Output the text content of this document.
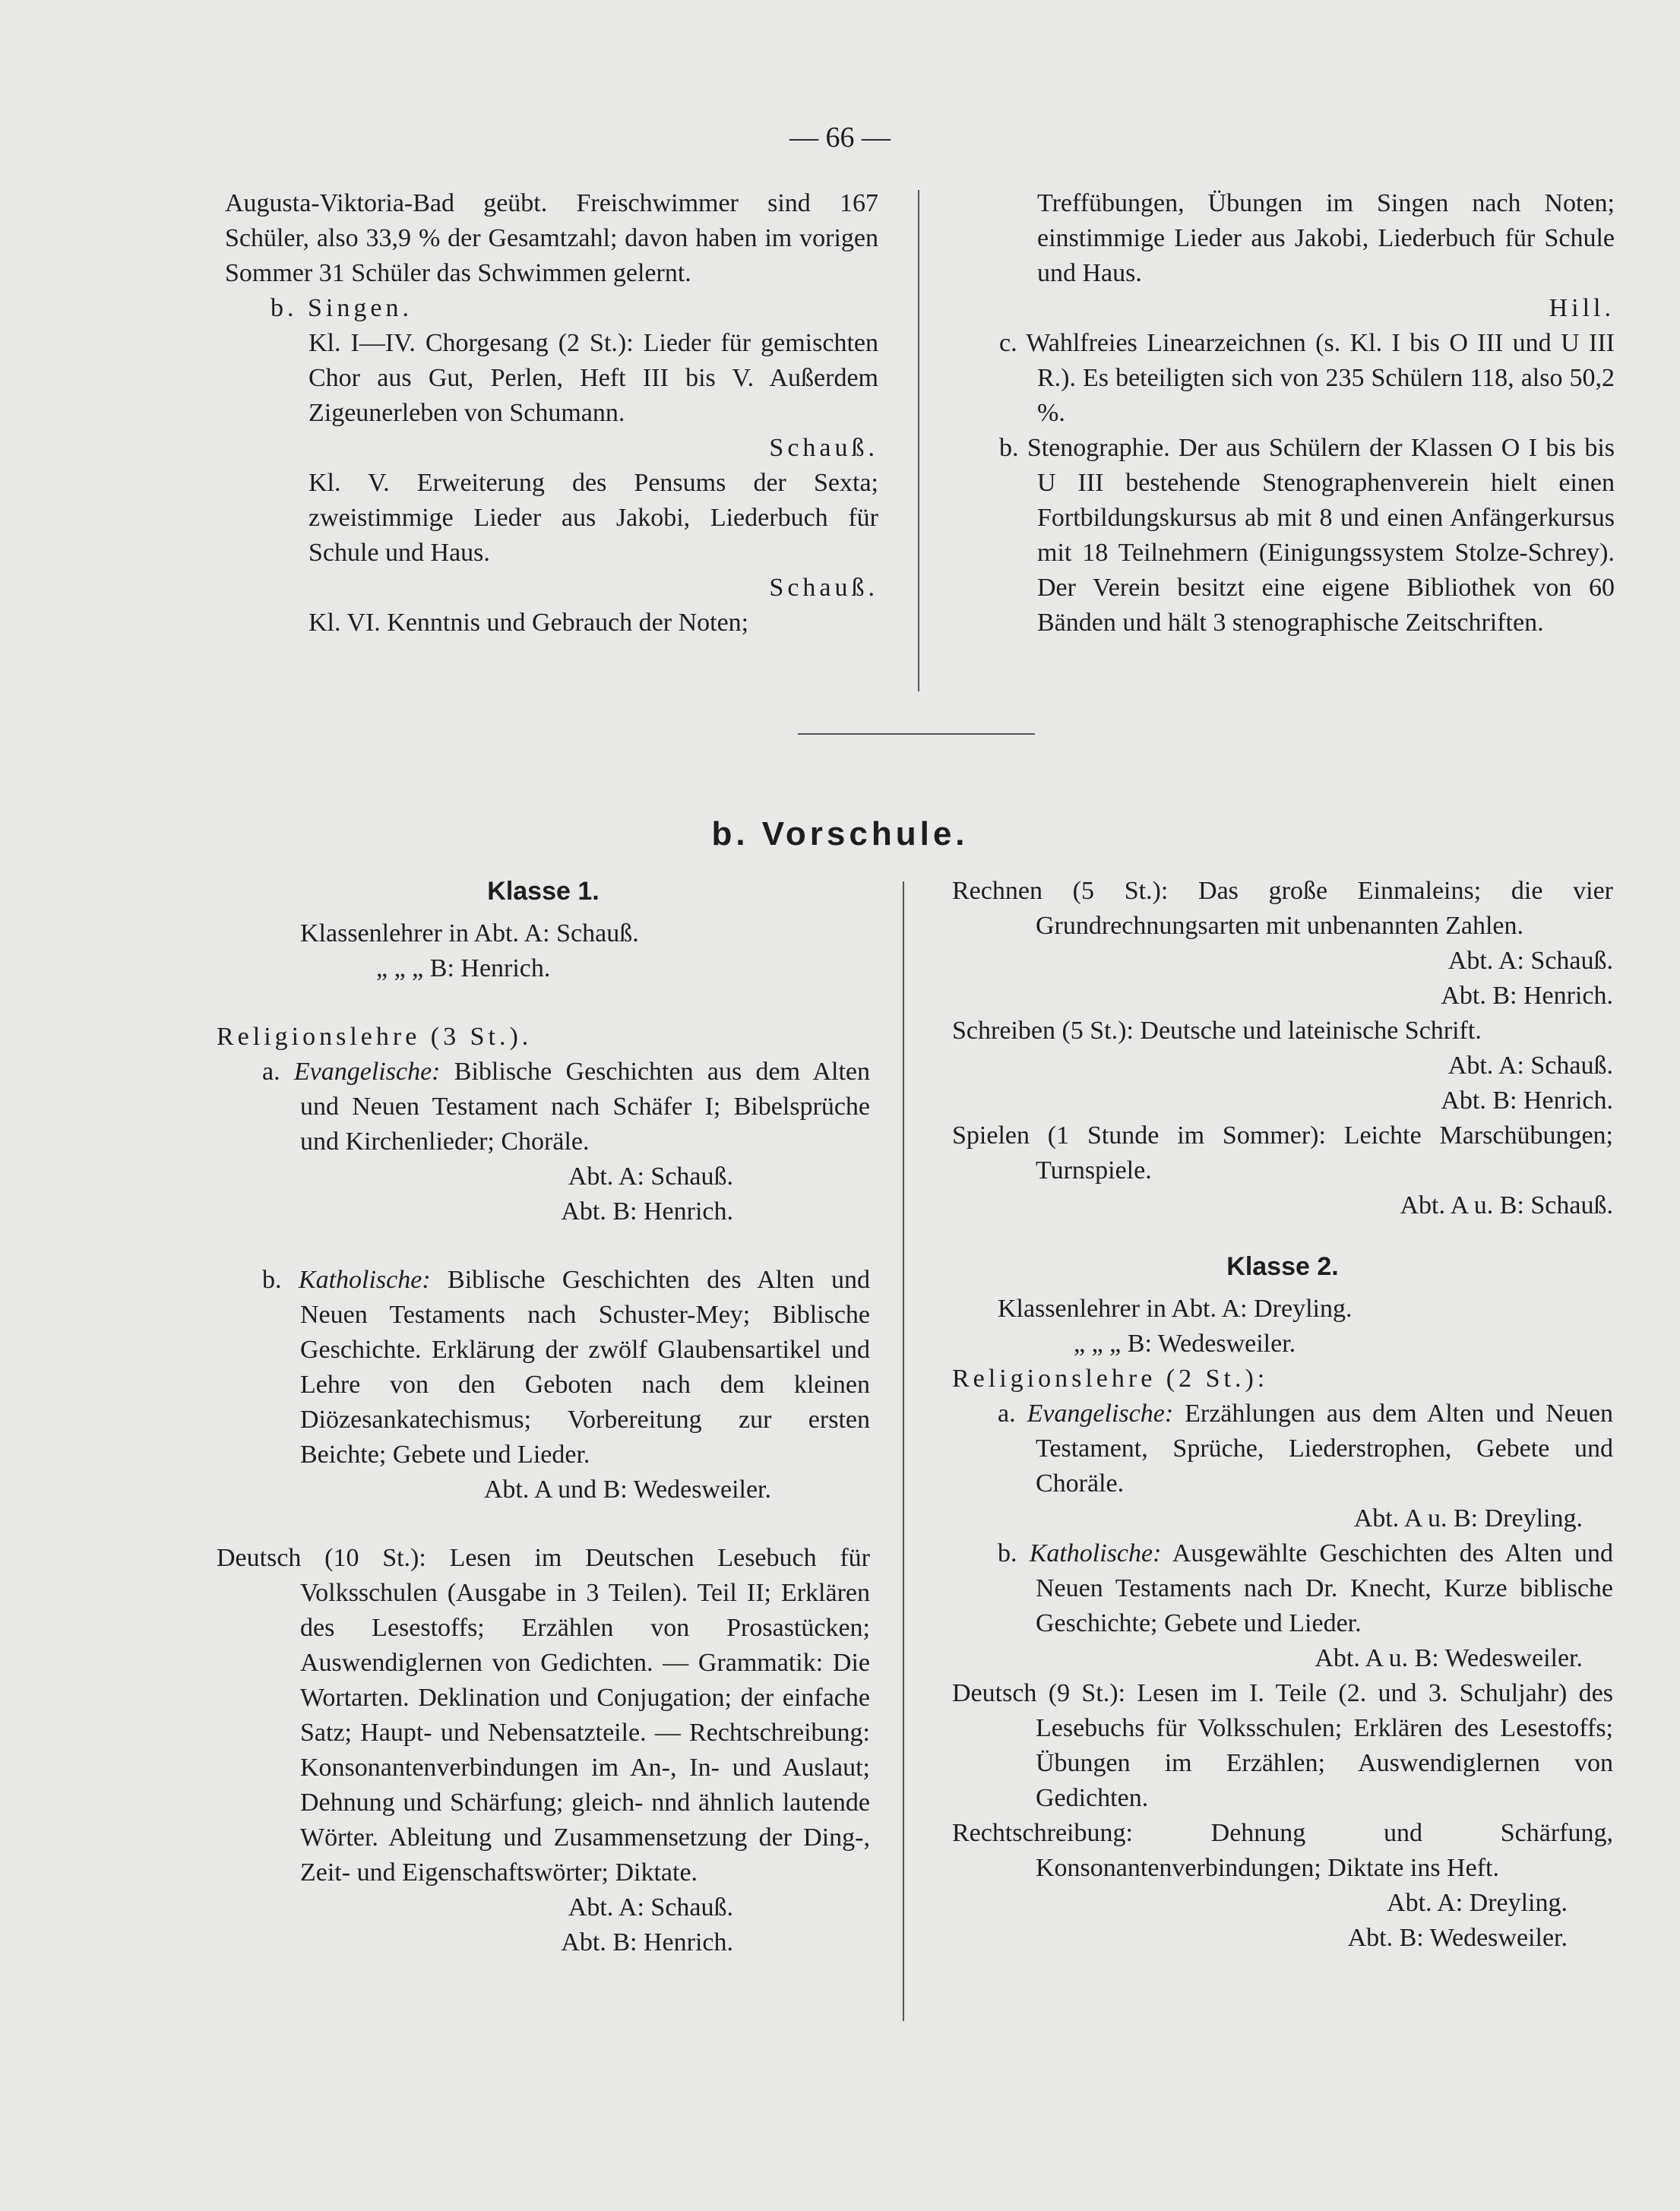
— 66 —

Augusta-Viktoria-Bad geübt. Freischwimmer sind 167 Schüler, also 33,9 % der Gesamtzahl; davon haben im vorigen Sommer 31 Schüler das Schwimmen gelernt.

b. Singen.

Kl. I—IV. Chorgesang (2 St.): Lieder für gemischten Chor aus Gut, Perlen, Heft III bis V. Außerdem Zigeunerleben von Schumann.

Schauß.

Kl. V. Erweiterung des Pensums der Sexta; zweistimmige Lieder aus Jakobi, Liederbuch für Schule und Haus.

Schauß.

Kl. VI. Kenntnis und Gebrauch der Noten;

Treffübungen, Übungen im Singen nach Noten; einstimmige Lieder aus Jakobi, Liederbuch für Schule und Haus.

Hill.

c. Wahlfreies Linearzeichnen (s. Kl. I bis O III und U III R.). Es beteiligten sich von 235 Schülern 118, also 50,2 %.

b. Stenographie. Der aus Schülern der Klassen O I bis bis U III bestehende Stenographenverein hielt einen Fortbildungskursus ab mit 8 und einen Anfängerkursus mit 18 Teilnehmern (Einigungssystem Stolze-Schrey). Der Verein besitzt eine eigene Bibliothek von 60 Bänden und hält 3 stenographische Zeitschriften.

b. Vorschule.

Klasse 1.

Klassenlehrer in Abt. A: Schauß.

„ „ „ B: Henrich.

Religionslehre (3 St.).

a. Evangelische: Biblische Geschichten aus dem Alten und Neuen Testament nach Schäfer I; Bibelsprüche und Kirchenlieder; Choräle.

Abt. A: Schauß.

Abt. B: Henrich.

b. Katholische: Biblische Geschichten des Alten und Neuen Testaments nach Schuster-Mey; Biblische Geschichte. Erklärung der zwölf Glaubensartikel und Lehre von den Geboten nach dem kleinen Diözesankatechismus; Vorbereitung zur ersten Beichte; Gebete und Lieder.

Abt. A und B: Wedesweiler.

Deutsch (10 St.): Lesen im Deutschen Lesebuch für Volksschulen (Ausgabe in 3 Teilen). Teil II; Erklären des Lesestoffs; Erzählen von Prosastücken; Auswendiglernen von Gedichten. — Grammatik: Die Wortarten. Deklination und Conjugation; der einfache Satz; Haupt- und Nebensatzteile. — Rechtschreibung: Konsonantenverbindungen im An-, In- und Auslaut; Dehnung und Schärfung; gleich- nnd ähnlich lautende Wörter. Ableitung und Zusammensetzung der Ding-, Zeit- und Eigenschaftswörter; Diktate.

Abt. A: Schauß.

Abt. B: Henrich.

Rechnen (5 St.): Das große Einmaleins; die vier Grundrechnungsarten mit unbenannten Zahlen.

Abt. A: Schauß.

Abt. B: Henrich.

Schreiben (5 St.): Deutsche und lateinische Schrift.

Abt. A: Schauß.

Abt. B: Henrich.

Spielen (1 Stunde im Sommer): Leichte Marschübungen; Turnspiele.

Abt. A u. B: Schauß.

Klasse 2.

Klassenlehrer in Abt. A: Dreyling.

„ „ „ B: Wedesweiler.

Religionslehre (2 St.):

a. Evangelische: Erzählungen aus dem Alten und Neuen Testament, Sprüche, Liederstrophen, Gebete und Choräle.

Abt. A u. B: Dreyling.

b. Katholische: Ausgewählte Geschichten des Alten und Neuen Testaments nach Dr. Knecht, Kurze biblische Geschichte; Gebete und Lieder.

Abt. A u. B: Wedesweiler.

Deutsch (9 St.): Lesen im I. Teile (2. und 3. Schuljahr) des Lesebuchs für Volksschulen; Erklären des Lesestoffs; Übungen im Erzählen; Auswendiglernen von Gedichten.

Rechtschreibung: Dehnung und Schärfung, Konsonantenverbindungen; Diktate ins Heft.

Abt. A: Dreyling.

Abt. B: Wedesweiler.
